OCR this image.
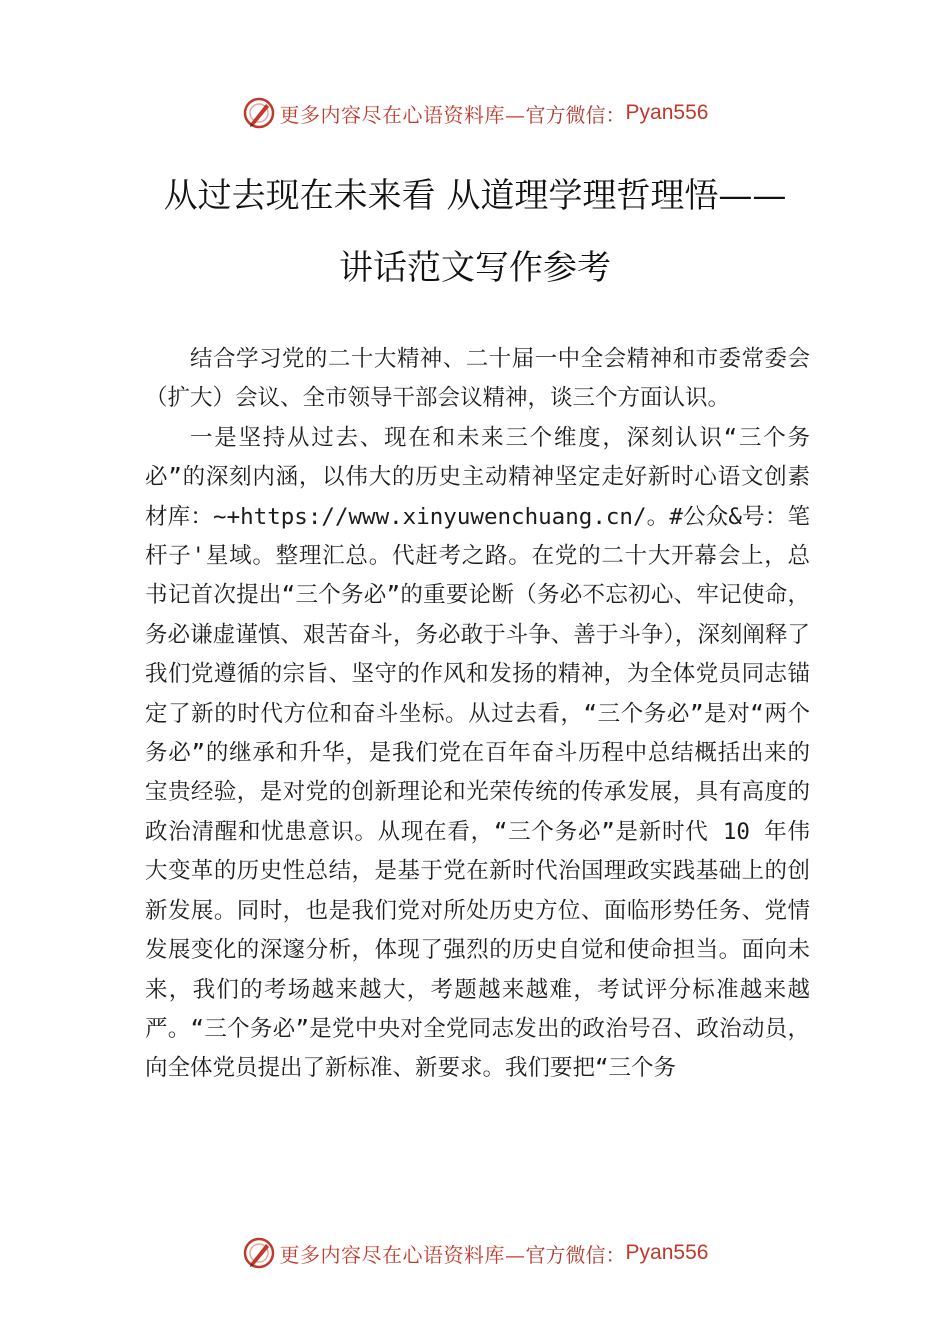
更多内容尽在心语资料库— 官方微信： Pyan556
从过去现在未来看 从道理学理哲理悟——
讲话范文写作参考

结合学习党的二十大精神、二十届一中全会精神和市委常委会（扩大）会议、全市领导干部会议精神，谈三个方面认识。

一是坚持从过去、现在和未来三个维度，深刻认识“三个务必”的深刻内涵，以伟大的历史主动精神坚定走好新时心语文创素材库：~+https://www.xinyuwenchuang.cn/。#公众&号：笔杆子'星域。整理汇总。代赶考之路。在党的二十大开幕会上，总书记首次提出“三个务必”的重要论断（务必不忘初心、牢记使命，务必谦虚谨慎、艰苦奋斗，务必敢于斗争、善于斗争），深刻阐释了我们党遵循的宗旨、坚守的作风和发扬的精神，为全体党员同志锚定了新的时代方位和奋斗坐标。从过去看，“三个务必”是对“两个务必”的继承和升华，是我们党在百年奋斗历程中总结概括出来的宝贵经验，是对党的创新理论和光荣传统的传承发展，具有高度的政治清醒和忧患意识。从现在看，“三个务必”是新时代 10 年伟大变革的历史性总结，是基于党在新时代治国理政实践基础上的创新发展。同时，也是我们党对所处历史方位、面临形势任务、党情发展变化的深邃分析，体现了强烈的历史自觉和使命担当。面向未来，我们的考场越来越大，考题越来越难，考试评分标准越来越严。“三个务必”是党中央对全党同志发出的政治号召、政治动员，向全体党员提出了新标准、新要求。我们要把“三个务

更多内容尽在心语资料库— 官方微信： Pyan556
